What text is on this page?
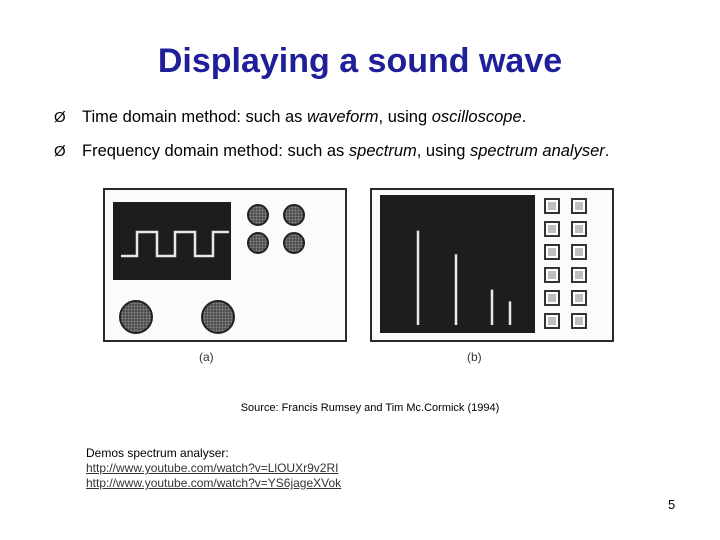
Displaying a sound wave
Ø Time domain method: such as waveform, using oscilloscope.
Ø Frequency domain method: such as spectrum, using spectrum analyser.
(a)	(b)
Source: Francis Rumsey and Tim Mc.Cormick (1994)
Demos spectrum analyser:
http://www.youtube.com/watch?v=LlOUXr9v2RI
http://www.youtube.com/watch?v=YS6jageXVok
5
